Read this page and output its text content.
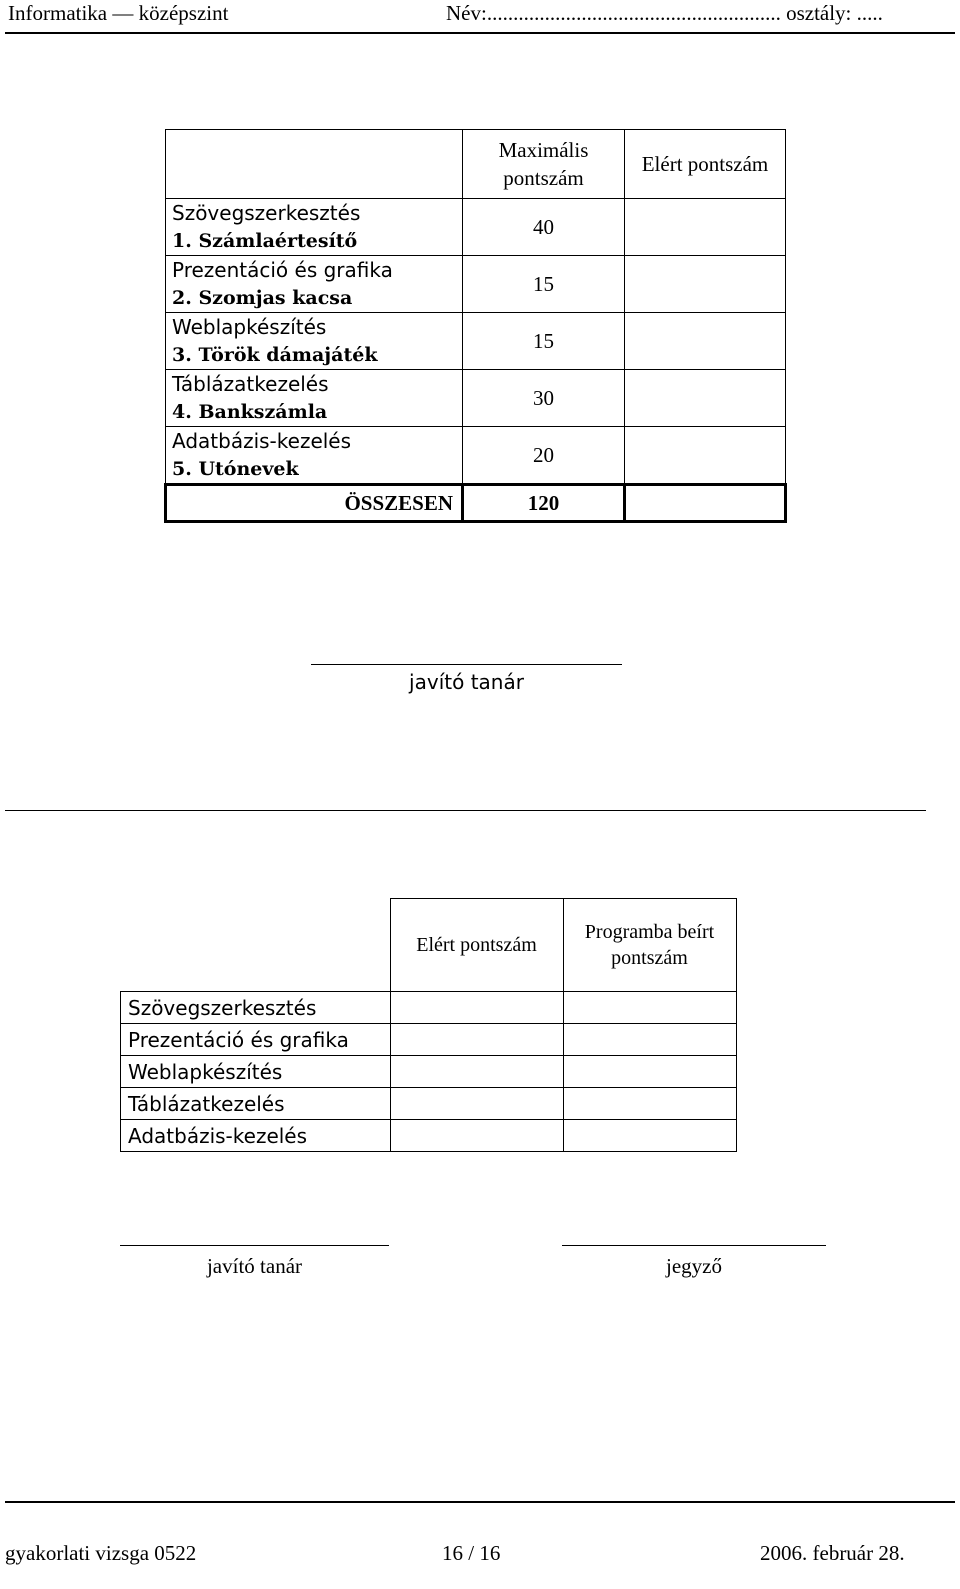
Informatika — középszint	Név:........................................................ osztály: .....
	Maximális pontszám	Elért pontszám

Szövegszerkesztés
1. Számlaértesítő	40	

Prezentáció és grafika
2. Szomjas kacsa	15	

Weblapkészítés
3. Török dámajáték	15	

Táblázatkezelés
4. Bankszámla	30	

Adatbázis-kezelés
5. Utónevek	20	
ÖSSZESEN	120	
javító tanár
	Elért pontszám	Programba beírt pontszám
Szövegszerkesztés		
Prezentáció és grafika		
Weblapkészítés		
Táblázatkezelés		
Adatbázis-kezelés		
javító tanár	jegyző
gyakorlati vizsga 0522	16 / 16	2006. február 28.
